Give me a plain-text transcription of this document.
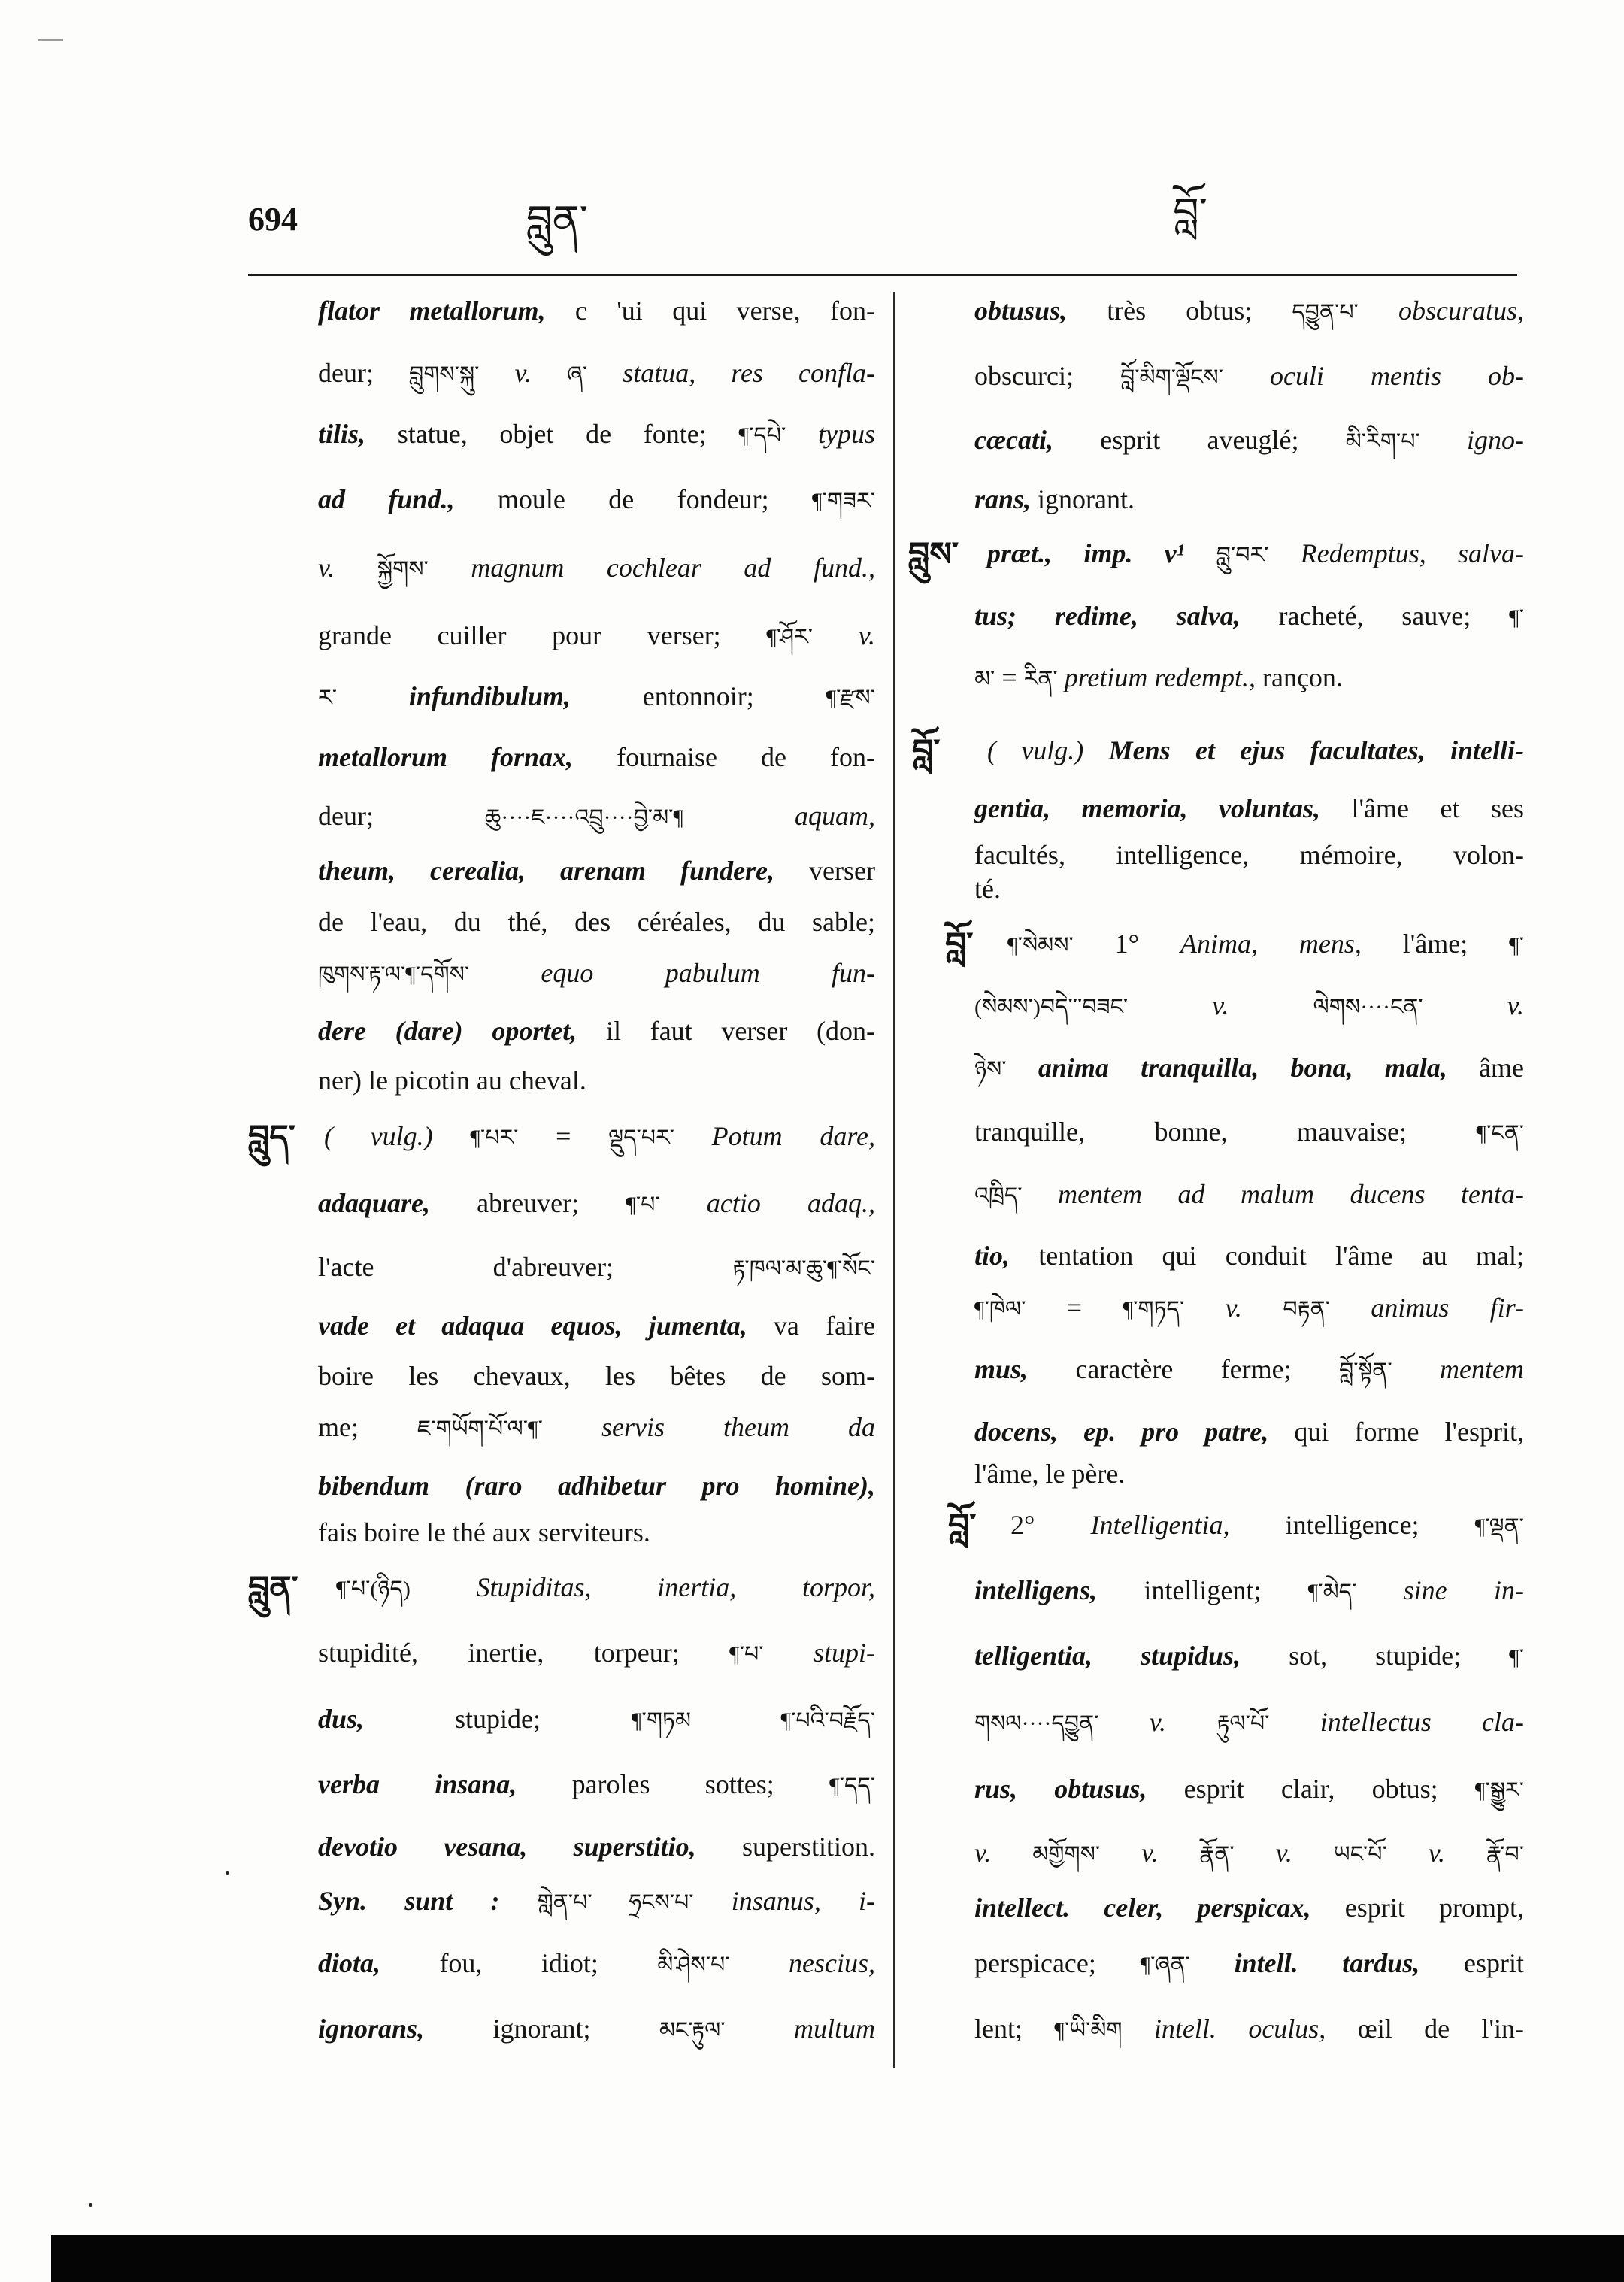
694	བླུན་	བློ་
flator metallorum, c 'ui qui verse, fon-
deur; བླུགས་སྐུ་ v. ཞ་ statua, res confla-
tilis, statue, objet de fonte; ¶་དཔེ་ typus
ad fund., moule de fondeur; ¶་གཟར་
v. སྐྱོགས་ magnum cochlear ad fund.,
grande cuiller pour verser; ¶་ཤོར་ v.
ར་ infundibulum, entonnoir; ¶་རྫས་
metallorum fornax, fournaise de fon-
deur; ཆུ····ཇ····འབྲུ····བྱེ་མ་¶ aquam,
theum, cerealia, arenam fundere, verser
de l'eau, du thé, des céréales, du sable;
ཁུགས་རྟ་ལ་¶་དགོས་ equo pabulum fun-
dere (dare) oportet, il faut verser (don-
ner) le picotin au cheval.
བླུད་ ( vulg.) ¶་པར་ = ལྡུད་པར་ Potum dare,
adaquare, abreuver; ¶་པ་ actio adaq.,
l'acte d'abreuver; རྟ་ཁལ་མ་ཆུ་¶་སོང་
vade et adaqua equos, jumenta, va faire
boire les chevaux, les bêtes de som-
me; ཇ་གཡོག་པོ་ལ་¶་ servis theum da
bibendum (raro adhibetur pro homine),
fais boire le thé aux serviteurs.
བླུན་ ¶་པ་(ཉིད) Stupiditas, inertia, torpor,
stupidité, inertie, torpeur; ¶་པ་ stupi-
dus, stupide; ¶་གཏམ ¶་པའི་བརྗོད་
verba insana, paroles sottes; ¶་དད་
devotio vesana, superstitio, superstition.
Syn. sunt : གླེན་པ་ ཧྲངས་པ་ insanus, i-
diota, fou, idiot; མི་ཤེས་པ་ nescius,
ignorans, ignorant; མང་རྟུལ་ multum
obtusus, très obtus; དབྱུན་པ་ obscuratus,
obscurci; བློ་མིག་ལྡོངས་ oculi mentis ob-
cæcati, esprit aveuglé; མི་རིག་པ་ igno-
rans, ignorant.
བླུས་ præt., imp. v¹ བླུ་བར་ Redemptus, salva-
tus; redime, salva, racheté, sauve; ¶་
མ་ = རིན་ pretium redempt., rançon.
བློ་ ( vulg.) Mens et ejus facultates, intelli-
gentia, memoria, voluntas, l'âme et ses
facultés, intelligence, mémoire, volon-
té.
བློ་ ¶་སེམས་ 1° Anima, mens, l'âme; ¶་
(སེམས་)བདེ་་་བཟང་ v. ལེགས····ངན་ v.
ཉེས་ anima tranquilla, bona, mala, âme
tranquille, bonne, mauvaise; ¶་ངན་
འཁྲིད་ mentem ad malum ducens tenta-
tio, tentation qui conduit l'âme au mal;
¶་ཁེལ་ = ¶་གཏད་ v. བརྟན་ animus fir-
mus, caractère ferme; བློ་སྟོན་ mentem
docens, ep. pro patre, qui forme l'esprit,
l'âme, le père.
བློ་ 2° Intelligentia, intelligence; ¶་ལྡན་
intelligens, intelligent; ¶་མེད་ sine in-
telligentia, stupidus, sot, stupide; ¶་
གསལ····དབྱུན་ v. རྟུལ་པོ་ intellectus cla-
rus, obtusus, esprit clair, obtus; ¶་སྒྱུར་
v. མགྱོགས་ v. རྣོན་ v. ཡང་པོ་ v. རྣོ་བ་
intellect. celer, perspicax, esprit prompt,
perspicace; ¶་ཞན་ intell. tardus, esprit
lent; ¶་ཡི་མིག intell. oculus, œil de l'in-
